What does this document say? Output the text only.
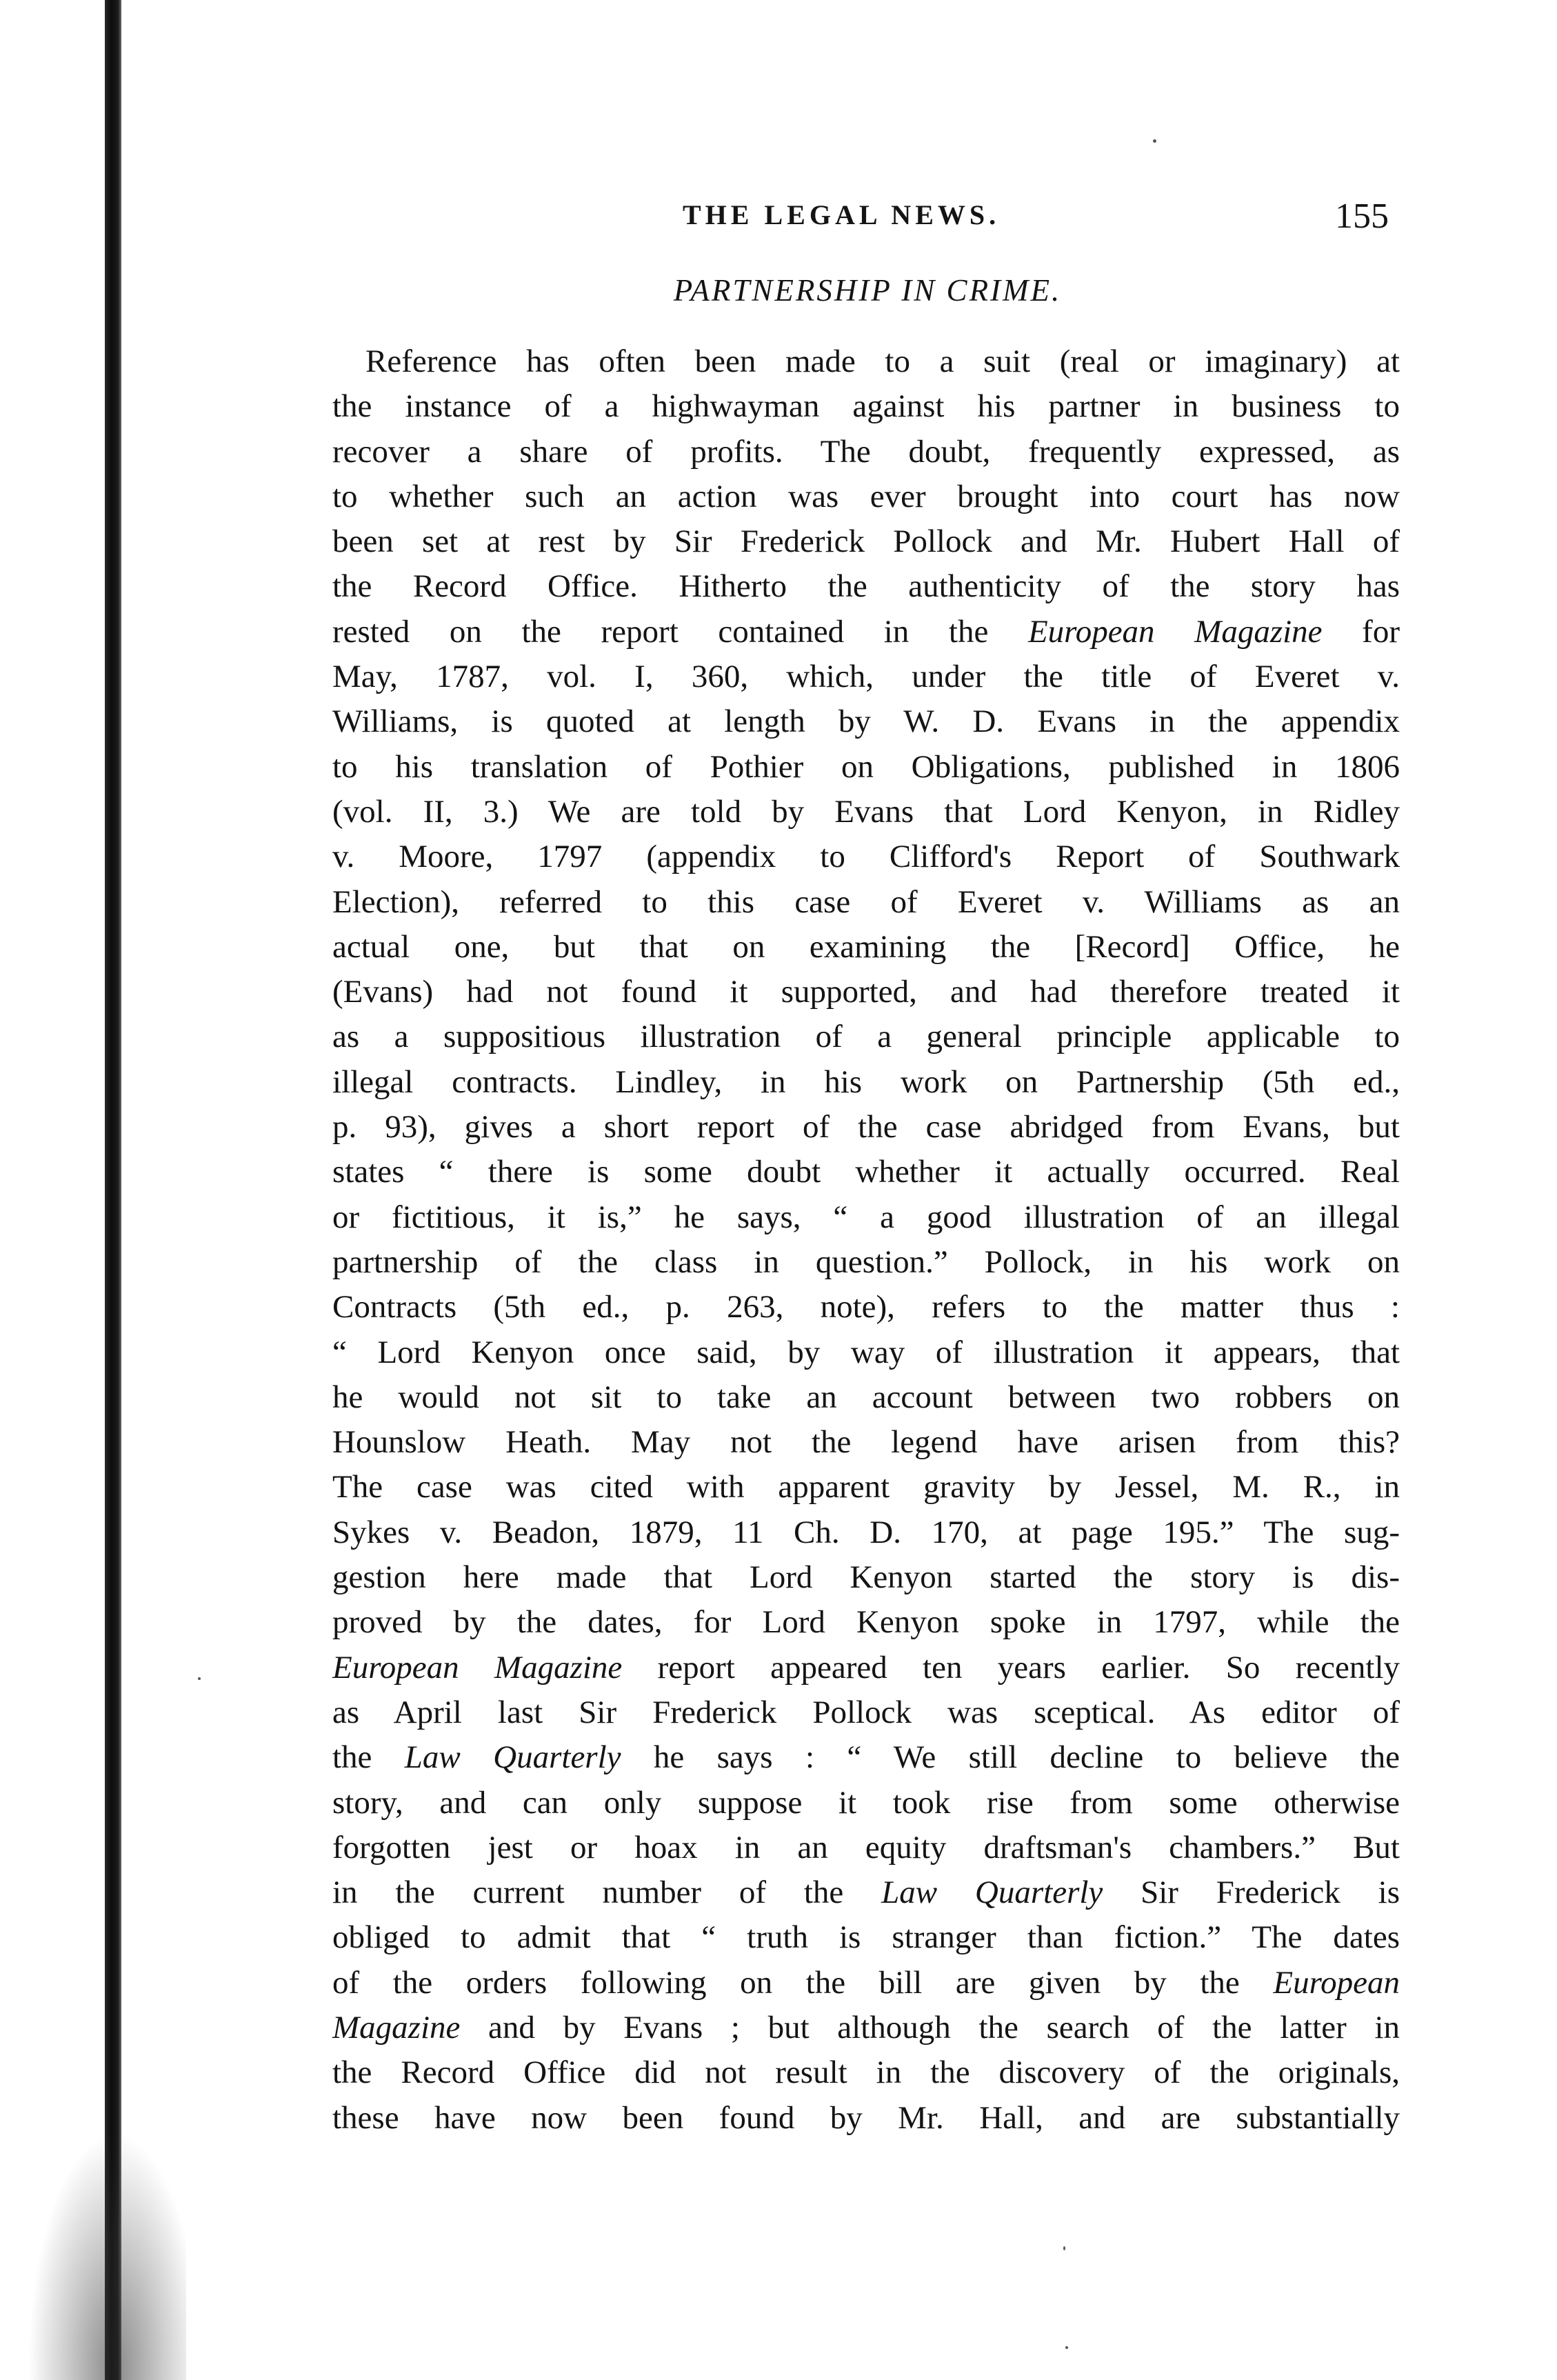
THE LEGAL NEWS.	155
PARTNERSHIP IN CRIME.
Reference has often been made to a suit (real or imaginary) at
the instance of a highwayman against his partner in business to
recover a share of profits. The doubt, frequently expressed, as
to whether such an action was ever brought into court has now
been set at rest by Sir Frederick Pollock and Mr. Hubert Hall of
the Record Office. Hitherto the authenticity of the story has
rested on the report contained in the European Magazine for
May, 1787, vol. I, 360, which, under the title of Everet v.
Williams, is quoted at length by W. D. Evans in the appendix
to his translation of Pothier on Obligations, published in 1806
(vol. II, 3.) We are told by Evans that Lord Kenyon, in Ridley
v. Moore, 1797 (appendix to Clifford's Report of Southwark
Election), referred to this case of Everet v. Williams as an
actual one, but that on examining the [Record] Office, he
(Evans) had not found it supported, and had therefore treated it
as a suppositious illustration of a general principle applicable to
illegal contracts. Lindley, in his work on Partnership (5th ed.,
p. 93), gives a short report of the case abridged from Evans, but
states “ there is some doubt whether it actually occurred. Real
or fictitious, it is,” he says, “ a good illustration of an illegal
partnership of the class in question.” Pollock, in his work on
Contracts (5th ed., p. 263, note), refers to the matter thus :
“ Lord Kenyon once said, by way of illustration it appears, that
he would not sit to take an account between two robbers on
Hounslow Heath. May not the legend have arisen from this?
The case was cited with apparent gravity by Jessel, M. R., in
Sykes v. Beadon, 1879, 11 Ch. D. 170, at page 195.” The sug-
gestion here made that Lord Kenyon started the story is dis-
proved by the dates, for Lord Kenyon spoke in 1797, while the
European Magazine report appeared ten years earlier. So recently
as April last Sir Frederick Pollock was sceptical. As editor of
the Law Quarterly he says : “ We still decline to believe the
story, and can only suppose it took rise from some otherwise
forgotten jest or hoax in an equity draftsman's chambers.” But
in the current number of the Law Quarterly Sir Frederick is
obliged to admit that “ truth is stranger than fiction.” The dates
of the orders following on the bill are given by the European
Magazine and by Evans ; but although the search of the latter in
the Record Office did not result in the discovery of the originals,
these have now been found by Mr. Hall, and are substantially
